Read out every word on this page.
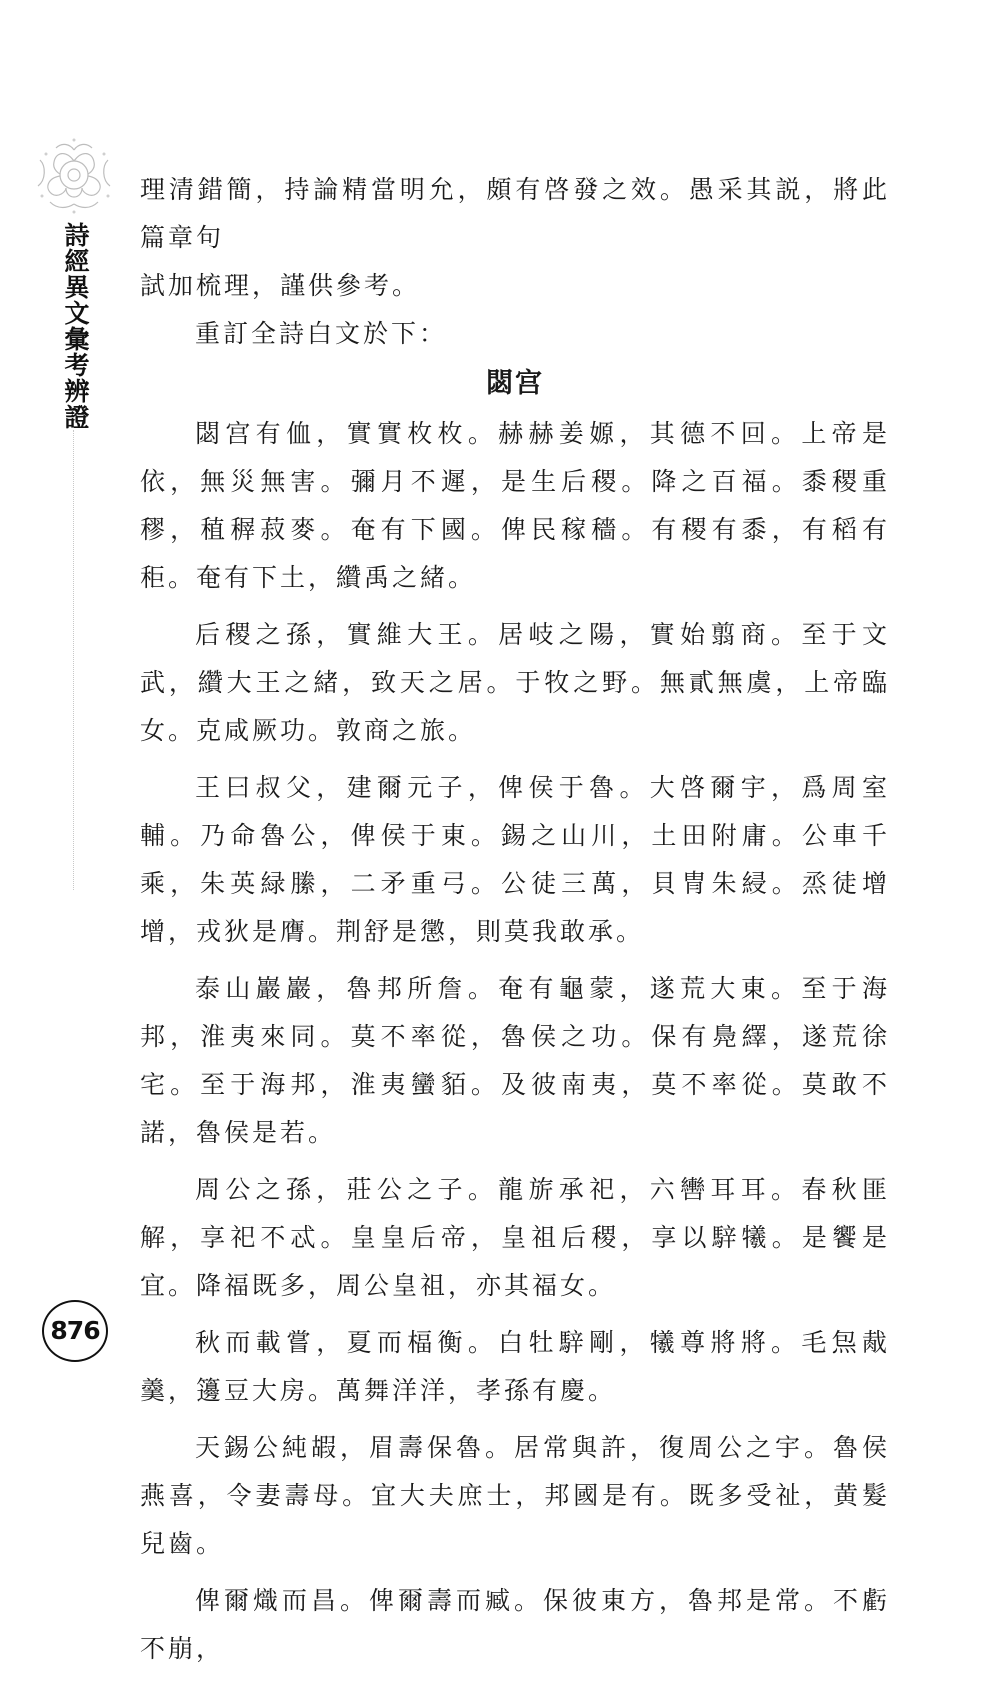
詩經異文彙考辨證

理清錯簡，持論精當明允，頗有啓發之效。愚采其説，將此篇章句

試加梳理，謹供參考。

重訂全詩白文於下：

閟宫

閟宫有侐，實實枚枚。赫赫姜嫄，其德不回。上帝是依，無災無害。彌月不遲，是生后稷。降之百福。黍稷重穋，稙稺菽麥。奄有下國。俾民稼穡。有稷有黍，有稻有秬。奄有下土，纘禹之緒。

后稷之孫，實維大王。居岐之陽，實始翦商。至于文武，纘大王之緒，致天之居。于牧之野。無貳無虞，上帝臨女。克咸厥功。敦商之旅。

王曰叔父，建爾元子，俾侯于魯。大啓爾宇，爲周室輔。乃命魯公，俾侯于東。錫之山川，土田附庸。公車千乘，朱英緑縢，二矛重弓。公徒三萬，貝冑朱綅。烝徒增增，戎狄是膺。荆舒是懲，則莫我敢承。

泰山巖巖，魯邦所詹。奄有龜蒙，遂荒大東。至于海邦，淮夷來同。莫不率從，魯侯之功。保有鳧繹，遂荒徐宅。至于海邦，淮夷蠻貊。及彼南夷，莫不率從。莫敢不諾，魯侯是若。

周公之孫，莊公之子。龍旂承祀，六轡耳耳。春秋匪解，享祀不忒。皇皇后帝，皇祖后稷，享以騂犧。是饗是宜。降福既多，周公皇祖，亦其福女。

秋而載嘗，夏而楅衡。白牡騂剛，犧尊將將。毛炰胾羹，籩豆大房。萬舞洋洋，孝孫有慶。

天錫公純嘏，眉壽保魯。居常與許，復周公之宇。魯侯燕喜，令妻壽母。宜大夫庶士，邦國是有。既多受祉，黄髮兒齒。

俾爾熾而昌。俾爾壽而臧。保彼東方，魯邦是常。不虧不崩，

876
